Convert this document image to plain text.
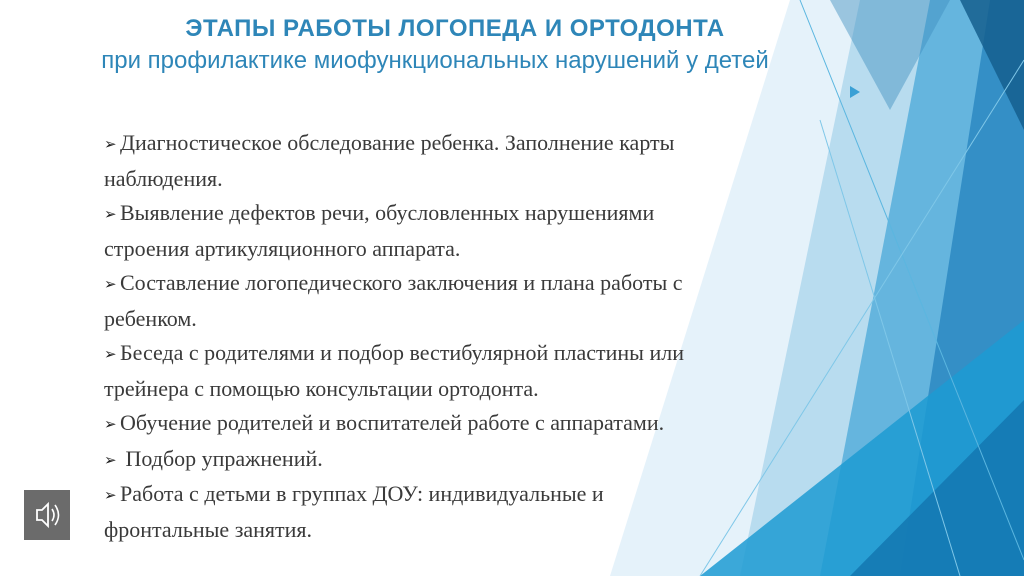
ЭТАПЫ РАБОТЫ ЛОГОПЕДА И ОРТОДОНТА
при профилактике миофункциональных нарушений у детей
➢ Диагностическое обследование ребенка. Заполнение карты
наблюдения.
➢ Выявление дефектов речи, обусловленных нарушениями
строения артикуляционного аппарата.
➢ Составление логопедического заключения и плана работы с
ребенком.
➢ Беседа с родителями и подбор вестибулярной пластины или
трейнера с помощью консультации ортодонта.
➢ Обучение родителей и воспитателей работе с аппаратами.
➢ Подбор упражнений.
➢ Работа с детьми в группах ДОУ: индивидуальные и
фронтальные занятия.
